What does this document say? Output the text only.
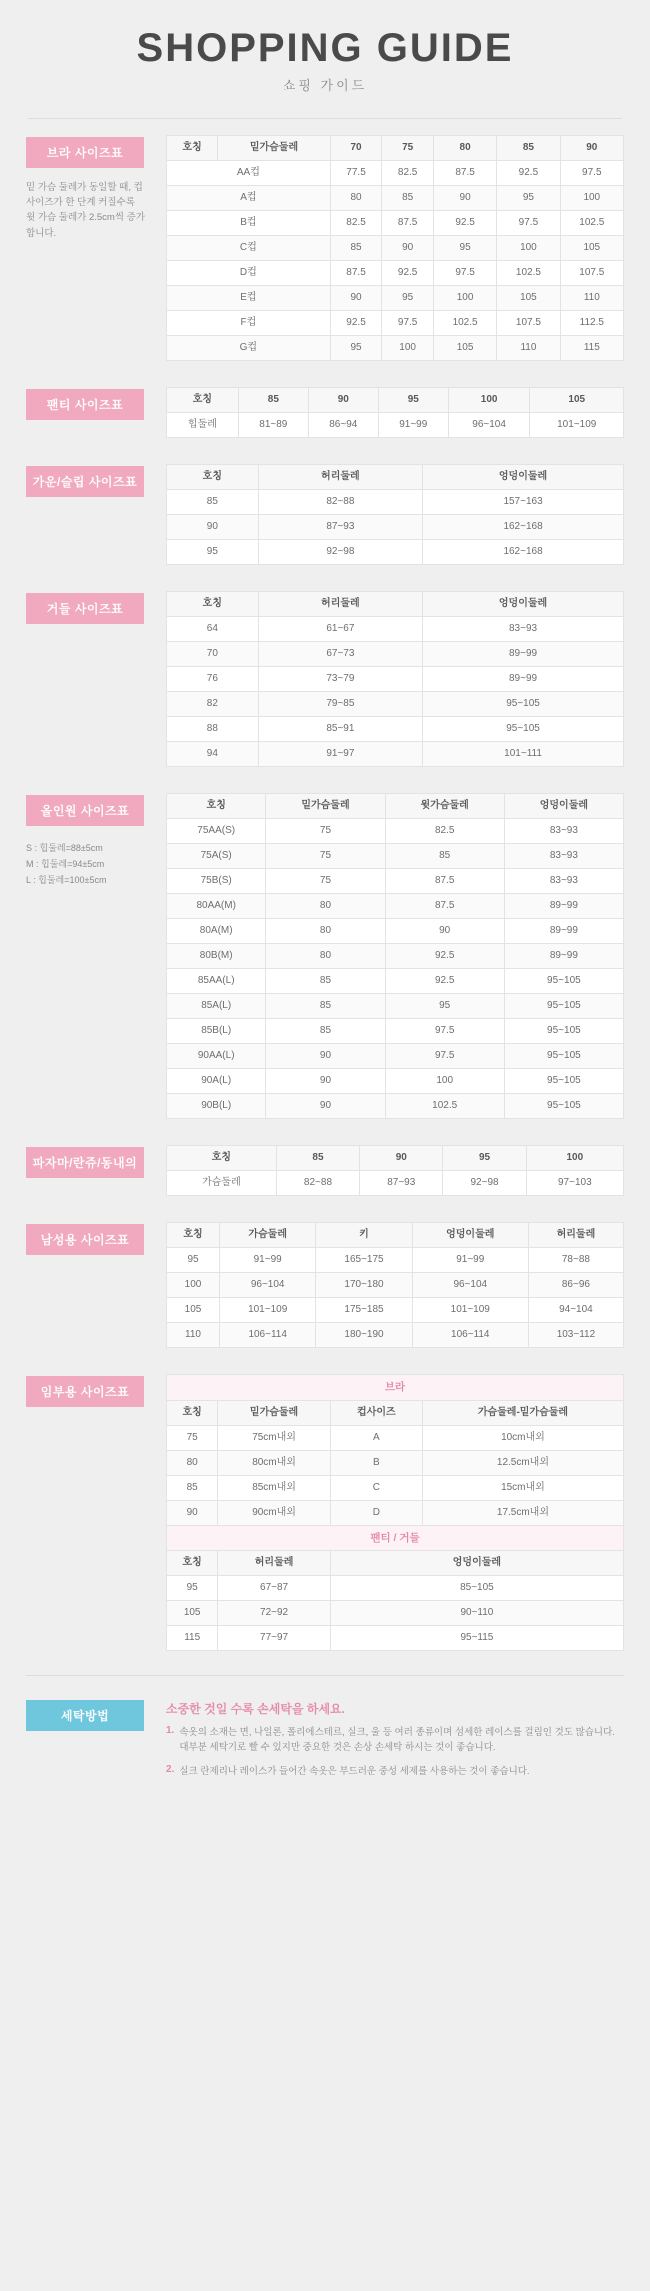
SHOPPING GUIDE
쇼핑 가이드
브라 사이즈표
밑 가슴 둘레가 동일할 때, 컵 사이즈가 한 단계 커질수록 윗 가슴 둘레가 2.5cm씩 증가합니다.
호칭	밑가슴둘레	70	75	80	85	90
AA컵		77.5	82.5	87.5	92.5	97.5
A컵		80	85	90	95	100
B컵		82.5	87.5	92.5	97.5	102.5
C컵		85	90	95	100	105
D컵		87.5	92.5	97.5	102.5	107.5
E컵		90	95	100	105	110
F컵		92.5	97.5	102.5	107.5	112.5
G컵		95	100	105	110	115
팬티 사이즈표	호칭	85	90	95	100	105
힙둘레	81~89	86~94	91~99	96~104	101~109
가운/슬립 사이즈표	호칭	허리둘레	엉덩이둘레
85	82~88	157~163
90	87~93	162~168
95	92~98	162~168
거들 사이즈표	호칭	허리둘레	엉덩이둘레
64	61~67	83~93
70	67~73	89~99
76	73~79	89~99
82	79~85	95~105
88	85~91	95~105
94	91~97	101~111
올인원 사이즈표
S : 힙둘레=88±5cm
M : 힙둘레=94±5cm
L : 힙둘레=100±5cm
호칭	밑가슴둘레	윗가슴둘레	엉덩이둘레
75AA(S)	75	82.5	83~93
75A(S)	75	85	83~93
75B(S)	75	87.5	83~93
80AA(M)	80	87.5	89~99
80A(M)	80	90	89~99
80B(M)	80	92.5	89~99
85AA(L)	85	92.5	95~105
85A(L)	85	95	95~105
85B(L)	85	97.5	95~105
90AA(L)	90	97.5	95~105
90A(L)	90	100	95~105
90B(L)	90	102.5	95~105
파자마/란쥬/동내의	호칭	85	90	95	100
가슴둘레	82~88	87~93	92~98	97~103
남성용 사이즈표	호칭	가슴둘레	키	엉덩이둘레	허리둘레
95	91~99	165~175	91~99	78~88
100	96~104	170~180	96~104	86~96
105	101~109	175~185	101~109	94~104
110	106~114	180~190	106~114	103~112
임부용 사이즈표	브라			
호칭	밑가슴둘레	컵사이즈	가슴둘레-밑가슴둘레
75	75cm내외	A	10cm내외
80	80cm내외	B	12.5cm내외
85	85cm내외	C	15cm내외
90	90cm내외	D	17.5cm내외
팬티 / 거들			
호칭	허리둘레	엉덩이둘레	
95	67~87	85~105	
105	72~92	90~110	
115	77~97	95~115	
세탁방법	소중한 것일 수록 손세탁을 하세요.
1. 속옷의 소재는 면, 나일론, 폴리에스테르, 실크, 울 등 여러 종류이며 섬세한 레이스를 걸림인 것도 많습니다. 대부분 세탁기로 빨 수 있지만 중요한 것은 손상 손세탁 하시는 것이 좋습니다.
2. 실크 란제리나 레이스가 들어간 속옷은 부드러운 중성 세제를 사용하는 것이 좋습니다.
